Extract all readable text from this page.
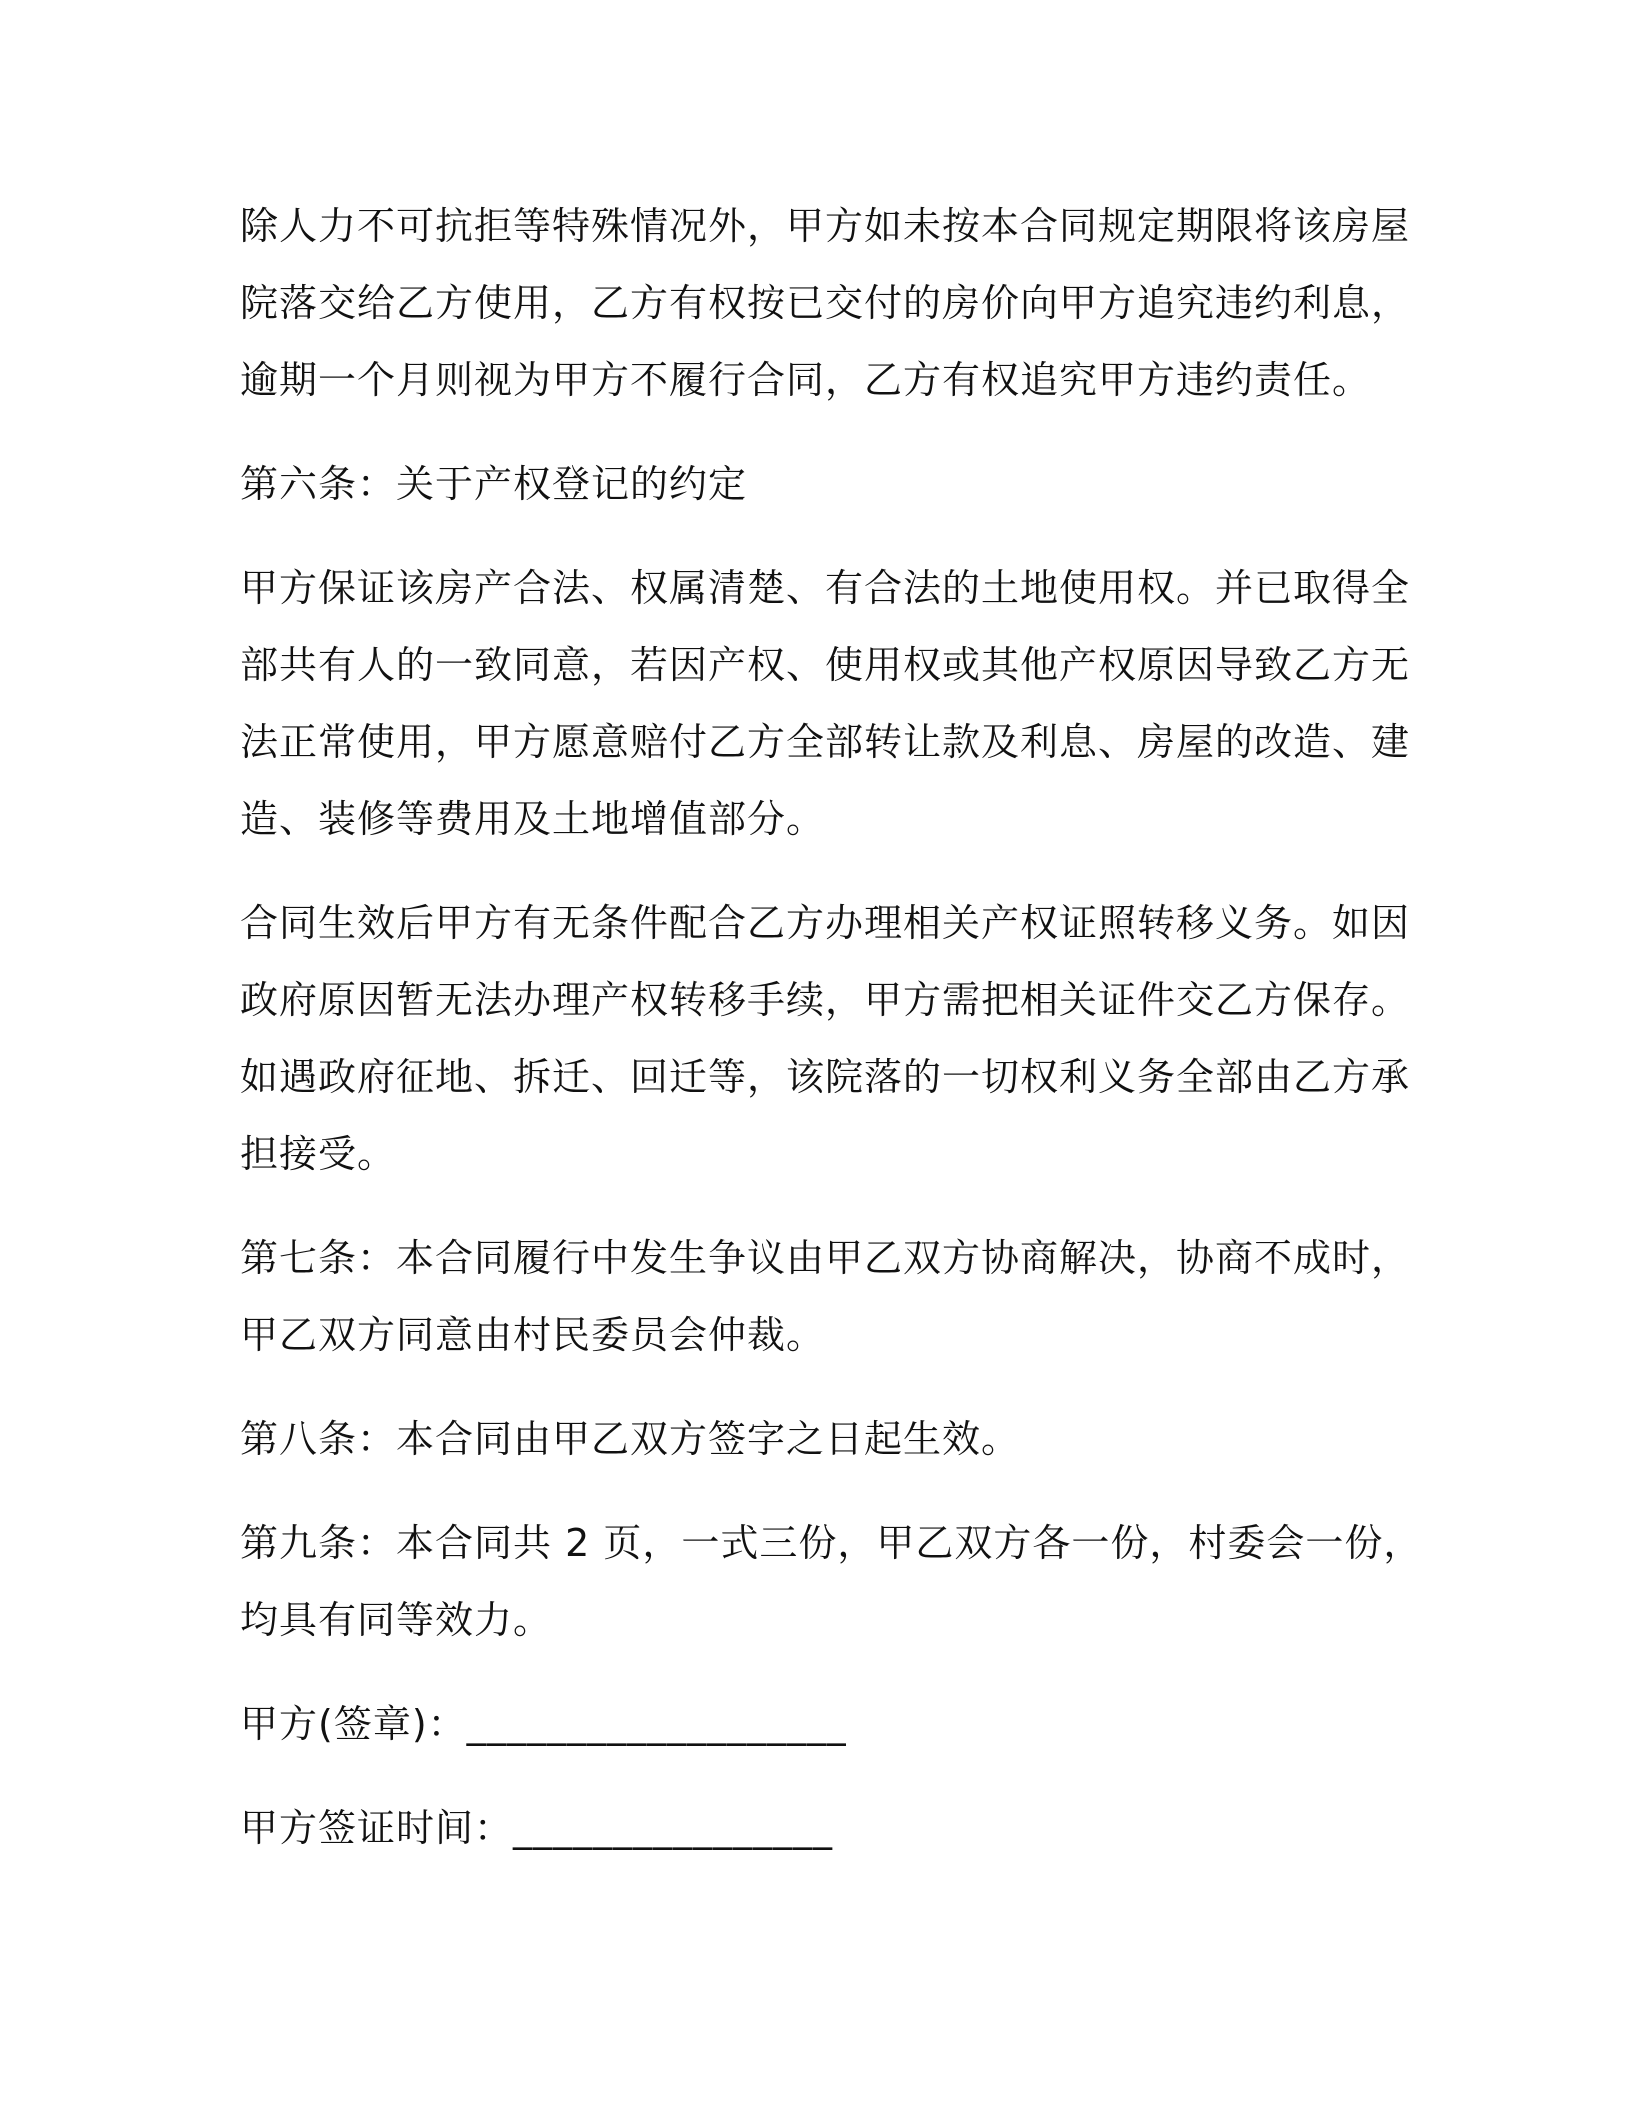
除人力不可抗拒等特殊情况外，甲方如未按本合同规定期限将该房屋
院落交给乙方使用，乙方有权按已交付的房价向甲方追究违约利息，
逾期一个月则视为甲方不履行合同，乙方有权追究甲方违约责任。
第六条：关于产权登记的约定
甲方保证该房产合法、权属清楚、有合法的土地使用权。并已取得全
部共有人的一致同意，若因产权、使用权或其他产权原因导致乙方无
法正常使用，甲方愿意赔付乙方全部转让款及利息、房屋的改造、建
造、装修等费用及土地增值部分。
合同生效后甲方有无条件配合乙方办理相关产权证照转移义务。如因
政府原因暂无法办理产权转移手续，甲方需把相关证件交乙方保存。
如遇政府征地、拆迁、回迁等，该院落的一切权利义务全部由乙方承
担接受。
第七条：本合同履行中发生争议由甲乙双方协商解决，协商不成时，
甲乙双方同意由村民委员会仲裁。
第八条：本合同由甲乙双方签字之日起生效。
第九条：本合同共 2 页，一式三份，甲乙双方各一份，村委会一份，
均具有同等效力。
甲方(签章)：___________________
甲方签证时间：________________
